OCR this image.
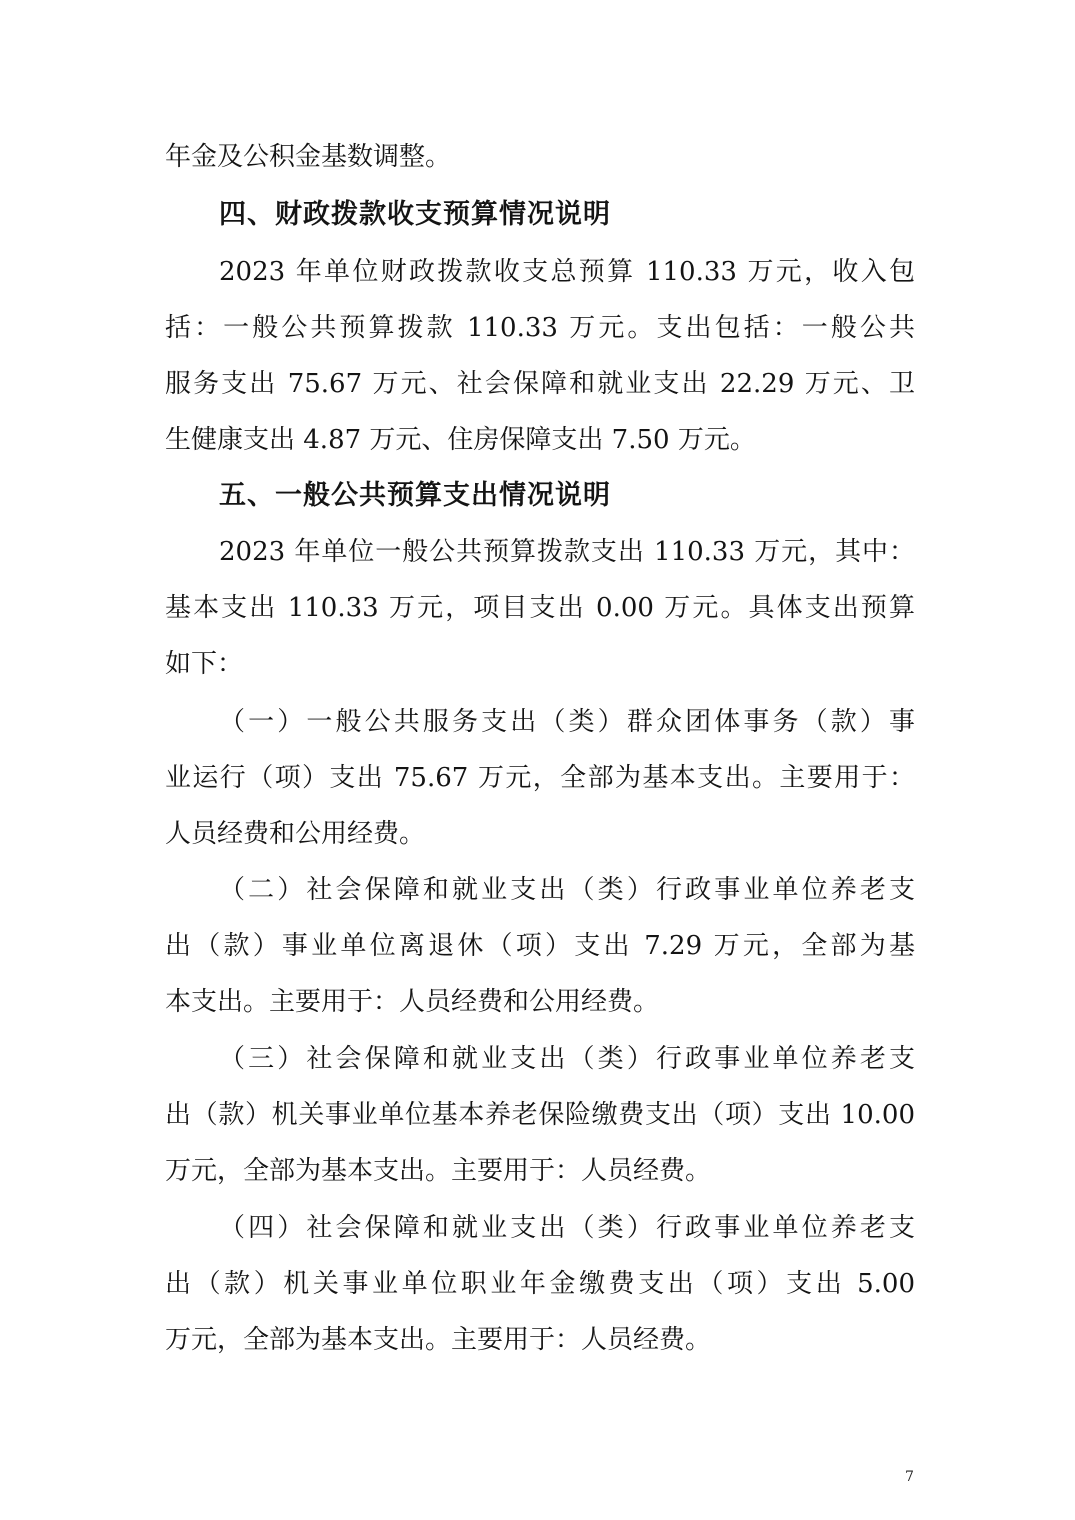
年金及公积金基数调整。
四、财政拨款收支预算情况说明
2023 年单位财政拨款收支总预算 110.33 万元，收入包
括：一般公共预算拨款 110.33 万元。支出包括：一般公共
服务支出 75.67 万元、社会保障和就业支出 22.29 万元、卫
生健康支出 4.87 万元、住房保障支出 7.50 万元。
五、一般公共预算支出情况说明
2023 年单位一般公共预算拨款支出 110.33 万元，其中：
基本支出 110.33 万元，项目支出 0.00 万元。具体支出预算
如下：
（一）一般公共服务支出（类）群众团体事务（款）事
业运行（项）支出 75.67 万元，全部为基本支出。主要用于：
人员经费和公用经费。
（二）社会保障和就业支出（类）行政事业单位养老支
出（款）事业单位离退休（项）支出 7.29 万元，全部为基
本支出。主要用于：人员经费和公用经费。
（三）社会保障和就业支出（类）行政事业单位养老支
出（款）机关事业单位基本养老保险缴费支出（项）支出 10.00
万元，全部为基本支出。主要用于：人员经费。
（四）社会保障和就业支出（类）行政事业单位养老支
出（款）机关事业单位职业年金缴费支出（项）支出 5.00
万元，全部为基本支出。主要用于：人员经费。
7
